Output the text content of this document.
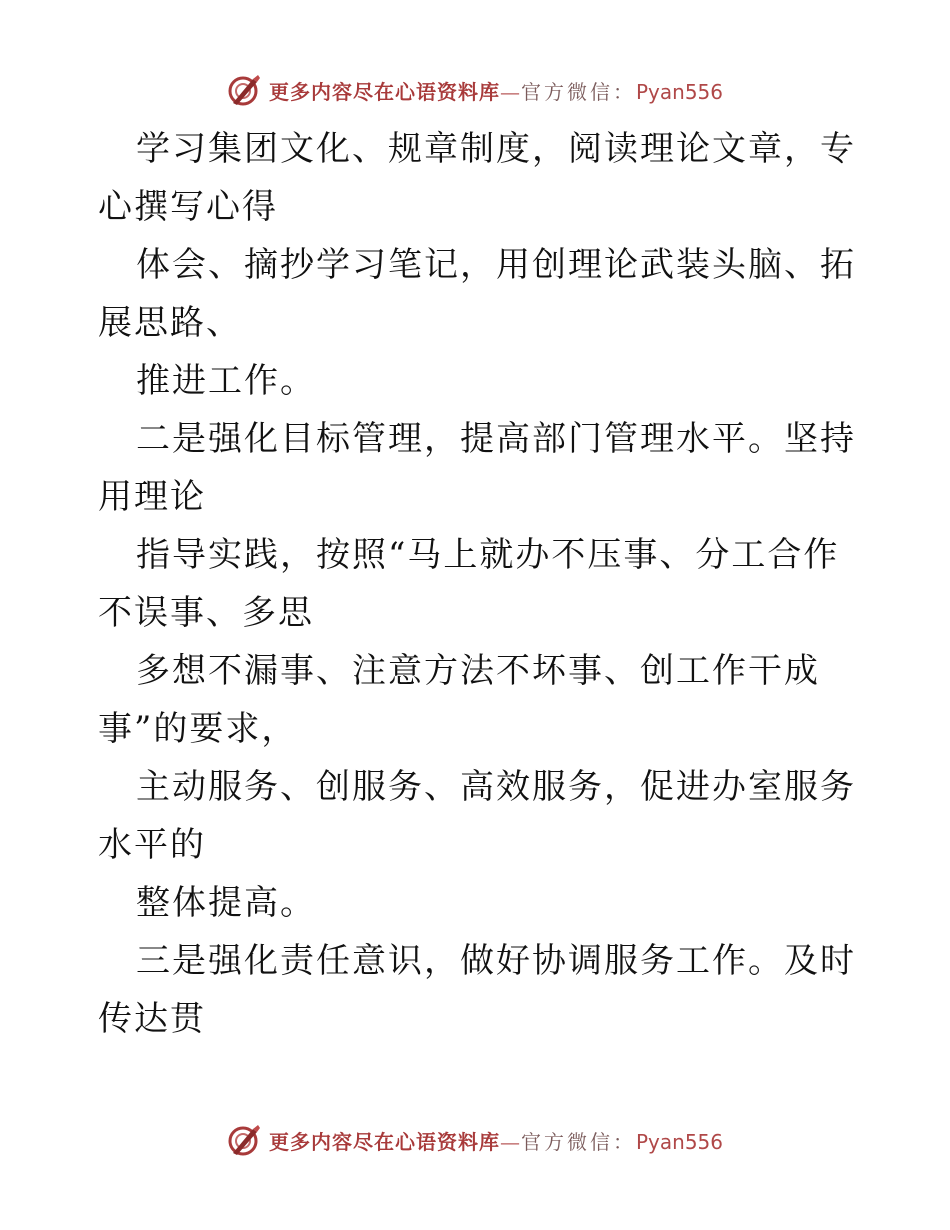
更多内容尽在心语资料库—官方微信：Pyan556

学习集团文化、规章制度，阅读理论文章，专心撰写心得

体会、摘抄学习笔记，用创理论武装头脑、拓展思路、

推进工作。

二是强化目标管理，提高部门管理水平。坚持用理论

指导实践，按照“马上就办不压事、分工合作不误事、多思

多想不漏事、注意方法不坏事、创工作干成事”的要求，

主动服务、创服务、高效服务，促进办室服务水平的

整体提高。

三是强化责任意识，做好协调服务工作。及时传达贯

更多内容尽在心语资料库—官方微信：Pyan556
